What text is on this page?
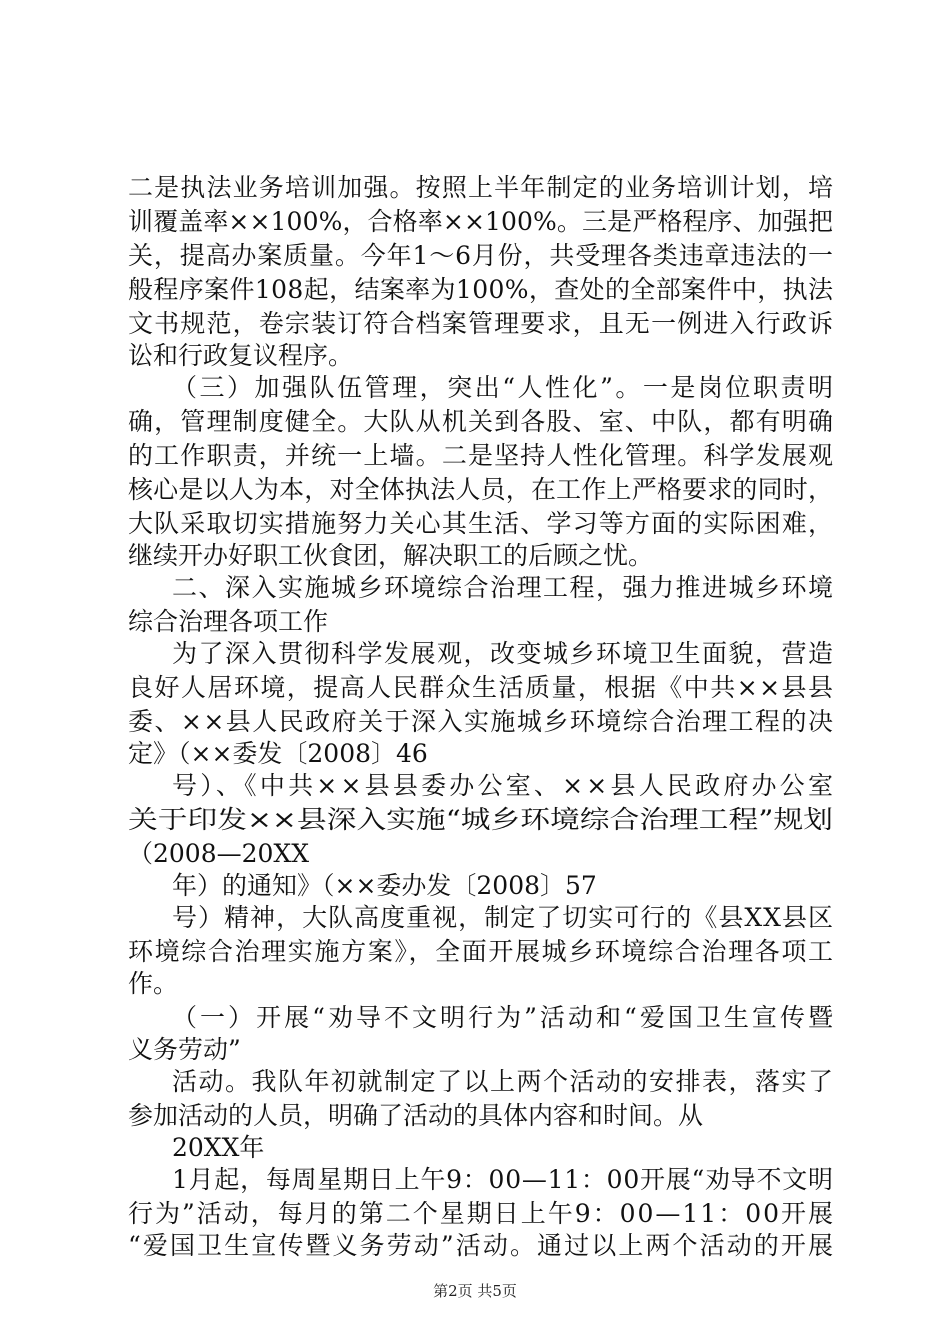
二是执法业务培训加强。按照上半年制定的业务培训计划，培
训覆盖率××100%，合格率××100%。三是严格程序、加强把
关，提高办案质量。今年1～6月份，共受理各类违章违法的一
般程序案件108起，结案率为100%，查处的全部案件中，执法
文书规范，卷宗装订符合档案管理要求，且无一例进入行政诉
讼和行政复议程序。
（三）加强队伍管理，突出“人性化”。一是岗位职责明
确，管理制度健全。大队从机关到各股、室、中队，都有明确
的工作职责，并统一上墙。二是坚持人性化管理。科学发展观
核心是以人为本，对全体执法人员，在工作上严格要求的同时，
大队采取切实措施努力关心其生活、学习等方面的实际困难，
继续开办好职工伙食团，解决职工的后顾之忧。
二、深入实施城乡环境综合治理工程，强力推进城乡环境
综合治理各项工作
为了深入贯彻科学发展观，改变城乡环境卫生面貌，营造
良好人居环境，提高人民群众生活质量，根据《中共××县县
委、××县人民政府关于深入实施城乡环境综合治理工程的决
定》（××委发〔2008〕46
号）、《中共××县县委办公室、××县人民政府办公室
关于印发××县深入实施“城乡环境综合治理工程”规划
（2008—20XX
年）的通知》（××委办发〔2008〕57
号）精神，大队高度重视，制定了切实可行的《县XX县区
环境综合治理实施方案》，全面开展城乡环境综合治理各项工
作。
（一）开展“劝导不文明行为”活动和“爱国卫生宣传暨
义务劳动”
活动。我队年初就制定了以上两个活动的安排表，落实了
参加活动的人员，明确了活动的具体内容和时间。从
20XX年
1月起，每周星期日上午9：00—11：00开展“劝导不文明
行为”活动，每月的第二个星期日上午9：00—11：00开展
“爱国卫生宣传暨义务劳动”活动。通过以上两个活动的开展
第2页 共5页
